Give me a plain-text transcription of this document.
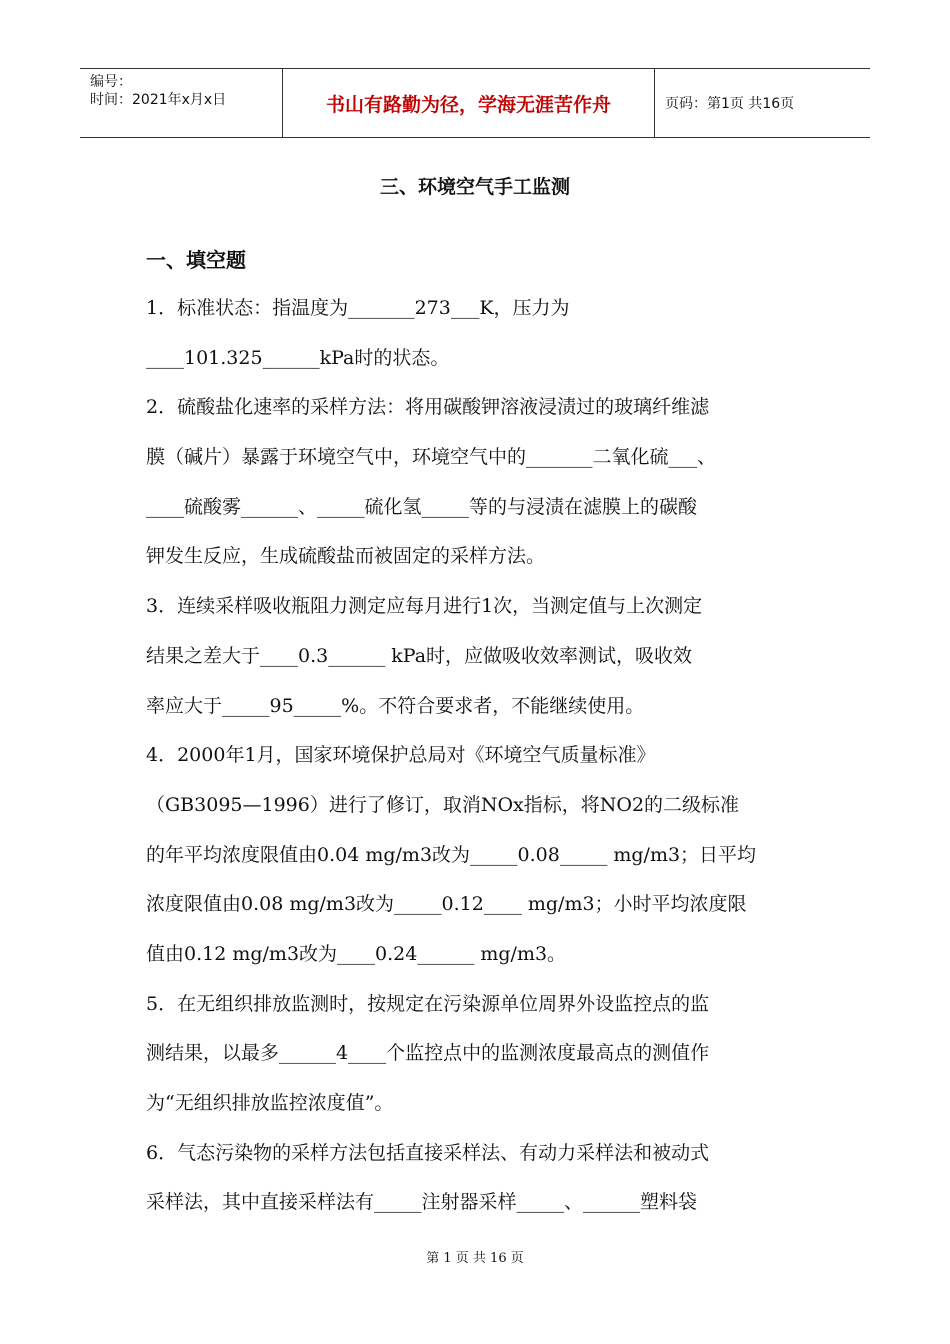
编号：
时间：2021年x月x日	书山有路勤为径，学海无涯苦作舟	页码：第1页 共16页
三、环境空气手工监测
一、填空题
1．标准状态：指温度为_______273___K，压力为
____101.325______kPa时的状态。
2．硫酸盐化速率的采样方法：将用碳酸钾溶液浸渍过的玻璃纤维滤
膜（碱片）暴露于环境空气中，环境空气中的_______二氧化硫___、
____硫酸雾______、_____硫化氢_____等的与浸渍在滤膜上的碳酸
钾发生反应，生成硫酸盐而被固定的采样方法。
3．连续采样吸收瓶阻力测定应每月进行1次，当测定值与上次测定
结果之差大于____0.3______ kPa时，应做吸收效率测试，吸收效
率应大于_____95_____%。不符合要求者，不能继续使用。
4．2000年1月，国家环境保护总局对《环境空气质量标准》
（GB3095—1996）进行了修订，取消NOx指标，将NO2的二级标准
的年平均浓度限值由0.04 mg/m3改为_____0.08_____ mg/m3；日平均
浓度限值由0.08 mg/m3改为_____0.12____ mg/m3；小时平均浓度限
值由0.12 mg/m3改为____0.24______ mg/m3。
5．在无组织排放监测时，按规定在污染源单位周界外设监控点的监
测结果，以最多______4____个监控点中的监测浓度最高点的测值作
为“无组织排放监控浓度值”。
6．气态污染物的采样方法包括直接采样法、有动力采样法和被动式
采样法，其中直接采样法有_____注射器采样_____、______塑料袋
第 1 页 共 16 页
